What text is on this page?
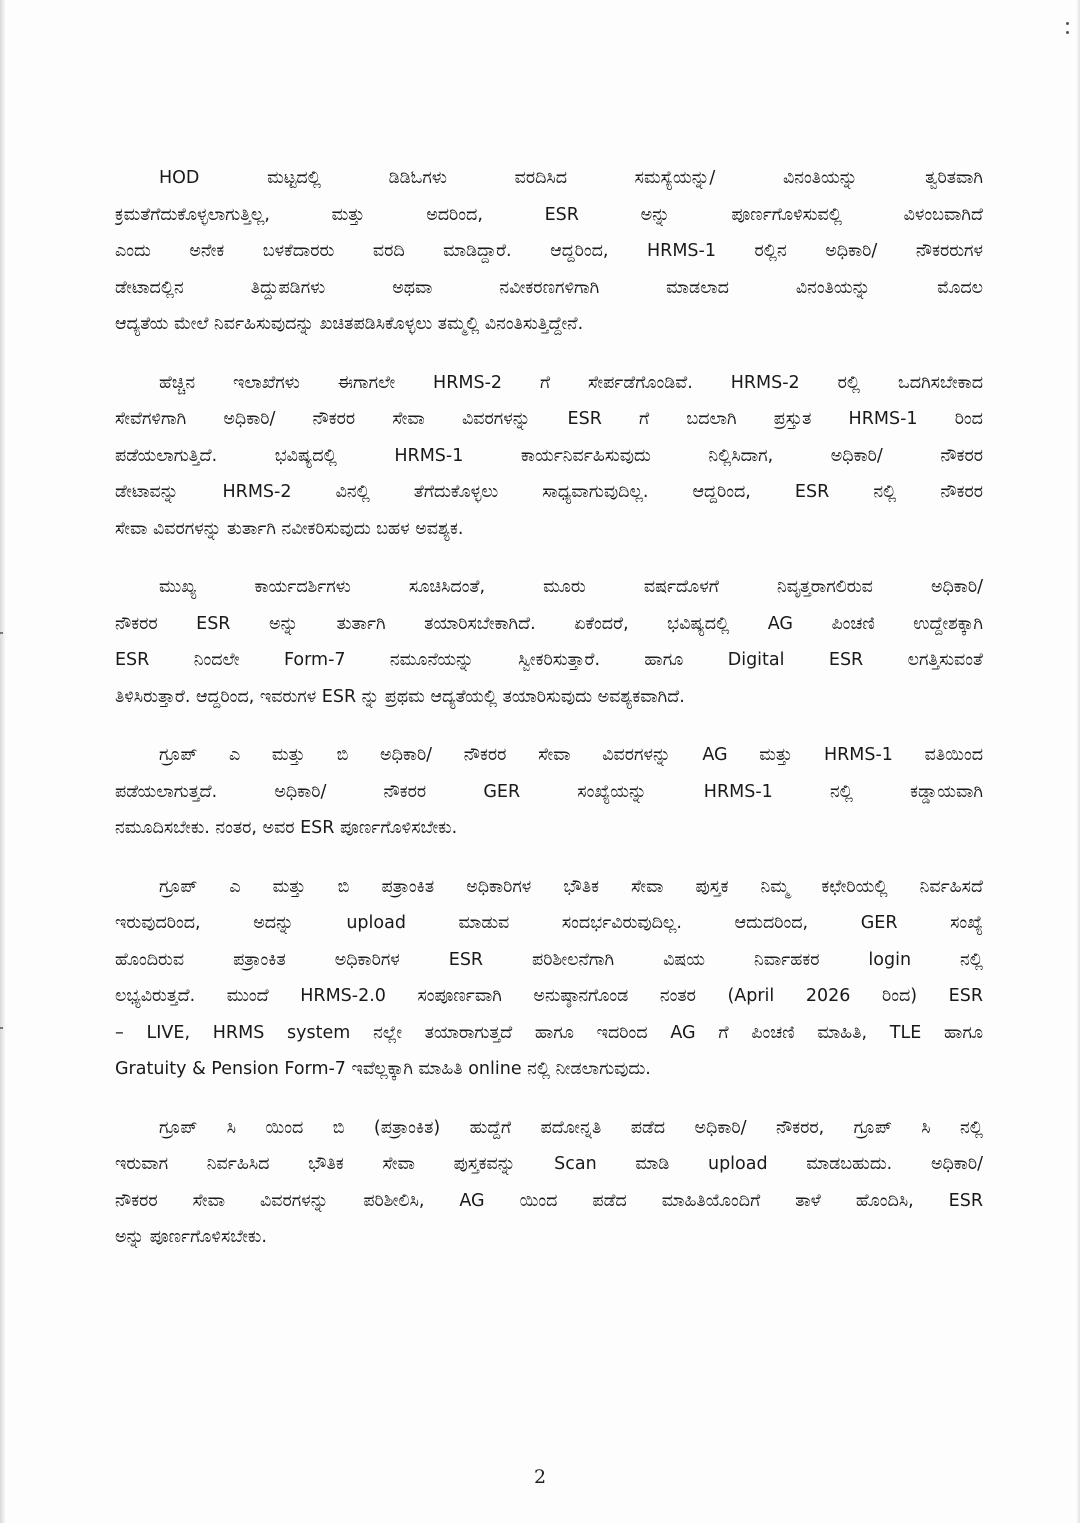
HOD ಮಟ್ಟದಲ್ಲಿ ಡಿಡಿಓಗಳು ವರದಿಸಿದ ಸಮಸ್ಯೆಯನ್ನು/ ವಿನಂತಿಯನ್ನು ತ್ವರಿತವಾಗಿ
ಕ್ರಮತೆಗೆದುಕೊಳ್ಳಲಾಗುತ್ತಿಲ್ಲ, ಮತ್ತು ಅದರಿಂದ, ESR ಅನ್ನು ಪೂರ್ಣಗೊಳಿಸುವಲ್ಲಿ ವಿಳಂಬವಾಗಿದೆ
ಎಂದು ಅನೇಕ ಬಳಕೆದಾರರು ವರದಿ ಮಾಡಿದ್ದಾರೆ. ಆದ್ದರಿಂದ, HRMS-1 ರಲ್ಲಿನ ಅಧಿಕಾರಿ/ ನೌಕರರುಗಳ
ಡೇಟಾದಲ್ಲಿನ ತಿದ್ದುಪಡಿಗಳು ಅಥವಾ ನವೀಕರಣಗಳಿಗಾಗಿ ಮಾಡಲಾದ ವಿನಂತಿಯನ್ನು ಮೊದಲ
ಆದ್ಯತೆಯ ಮೇಲೆ ನಿರ್ವಹಿಸುವುದನ್ನು ಖಚಿತಪಡಿಸಿಕೊಳ್ಳಲು ತಮ್ಮಲ್ಲಿ ವಿನಂತಿಸುತ್ತಿದ್ದೇನೆ.
ಹೆಚ್ಚಿನ ಇಲಾಖೆಗಳು ಈಗಾಗಲೇ HRMS-2 ಗೆ ಸೇರ್ಪಡೆಗೊಂಡಿವೆ. HRMS-2 ರಲ್ಲಿ ಒದಗಿಸಬೇಕಾದ
ಸೇವೆಗಳಿಗಾಗಿ ಅಧಿಕಾರಿ/ ನೌಕರರ ಸೇವಾ ವಿವರಗಳನ್ನು ESR ಗೆ ಬದಲಾಗಿ ಪ್ರಸ್ತುತ HRMS-1 ರಿಂದ
ಪಡೆಯಲಾಗುತ್ತಿದೆ. ಭವಿಷ್ಯದಲ್ಲಿ HRMS-1 ಕಾರ್ಯನಿರ್ವಹಿಸುವುದು ನಿಲ್ಲಿಸಿದಾಗ, ಅಧಿಕಾರಿ/ ನೌಕರರ
ಡೇಟಾವನ್ನು HRMS-2 ವಿನಲ್ಲಿ ತೆಗೆದುಕೊಳ್ಳಲು ಸಾಧ್ಯವಾಗುವುದಿಲ್ಲ. ಆದ್ದರಿಂದ, ESR ನಲ್ಲಿ ನೌಕರರ
ಸೇವಾ ವಿವರಗಳನ್ನು ತುರ್ತಾಗಿ ನವೀಕರಿಸುವುದು ಬಹಳ ಅವಶ್ಯಕ.
ಮುಖ್ಯ ಕಾರ್ಯದರ್ಶಿಗಳು ಸೂಚಿಸಿದಂತೆ, ಮೂರು ವರ್ಷದೊಳಗೆ ನಿವೃತ್ತರಾಗಲಿರುವ ಅಧಿಕಾರಿ/
ನೌಕರರ ESR ಅನ್ನು ತುರ್ತಾಗಿ ತಯಾರಿಸಬೇಕಾಗಿದೆ. ಏಕೆಂದರೆ, ಭವಿಷ್ಯದಲ್ಲಿ AG ಪಿಂಚಣಿ ಉದ್ದೇಶಕ್ಕಾಗಿ
ESR ನಿಂದಲೇ Form-7 ನಮೂನೆಯನ್ನು ಸ್ವೀಕರಿಸುತ್ತಾರೆ. ಹಾಗೂ Digital ESR ಲಗತ್ತಿಸುವಂತೆ
ತಿಳಿಸಿರುತ್ತಾರೆ. ಆದ್ದರಿಂದ, ಇವರುಗಳ ESR ನ್ನು ಪ್ರಥಮ ಆದ್ಯತೆಯಲ್ಲಿ ತಯಾರಿಸುವುದು ಅವಶ್ಯಕವಾಗಿದೆ.
ಗ್ರೂಪ್ ಎ ಮತ್ತು ಬಿ ಅಧಿಕಾರಿ/ ನೌಕರರ ಸೇವಾ ವಿವರಗಳನ್ನು AG ಮತ್ತು HRMS-1 ವತಿಯಿಂದ
ಪಡೆಯಲಾಗುತ್ತದೆ. ಅಧಿಕಾರಿ/ ನೌಕರರ GER ಸಂಖ್ಯೆಯನ್ನು HRMS-1 ನಲ್ಲಿ ಕಡ್ಡಾಯವಾಗಿ
ನಮೂದಿಸಬೇಕು. ನಂತರ, ಅವರ ESR ಪೂರ್ಣಗೊಳಿಸಬೇಕು.
ಗ್ರೂಪ್ ಎ ಮತ್ತು ಬಿ ಪತ್ರಾಂಕಿತ ಅಧಿಕಾರಿಗಳ ಭೌತಿಕ ಸೇವಾ ಪುಸ್ತಕ ನಿಮ್ಮ ಕಛೇರಿಯಲ್ಲಿ ನಿರ್ವಹಿಸದೆ
ಇರುವುದರಿಂದ, ಅದನ್ನು upload ಮಾಡುವ ಸಂದರ್ಭವಿರುವುದಿಲ್ಲ. ಆದುದರಿಂದ, GER ಸಂಖ್ಯೆ
ಹೊಂದಿರುವ ಪತ್ರಾಂಕಿತ ಅಧಿಕಾರಿಗಳ ESR ಪರಿಶೀಲನೆಗಾಗಿ ವಿಷಯ ನಿರ್ವಾಹಕರ login ನಲ್ಲಿ
ಲಭ್ಯವಿರುತ್ತದೆ. ಮುಂದೆ HRMS-2.0 ಸಂಪೂರ್ಣವಾಗಿ ಅನುಷ್ಠಾನಗೊಂಡ ನಂತರ (April 2026 ರಿಂದ) ESR
– LIVE, HRMS system ನಲ್ಲೇ ತಯಾರಾಗುತ್ತದೆ ಹಾಗೂ ಇದರಿಂದ AG ಗೆ ಪಿಂಚಣಿ ಮಾಹಿತಿ, TLE ಹಾಗೂ
Gratuity & Pension Form-7 ಇವೆಲ್ಲಕ್ಕಾಗಿ ಮಾಹಿತಿ online ನಲ್ಲಿ ನೀಡಲಾಗುವುದು.
ಗ್ರೂಪ್ ಸಿ ಯಿಂದ ಬಿ (ಪತ್ರಾಂಕಿತ) ಹುದ್ದೆಗೆ ಪದೋನ್ನತಿ ಪಡೆದ ಅಧಿಕಾರಿ/ ನೌಕರರ, ಗ್ರೂಪ್ ಸಿ ನಲ್ಲಿ
ಇರುವಾಗ ನಿರ್ವಹಿಸಿದ ಭೌತಿಕ ಸೇವಾ ಪುಸ್ತಕವನ್ನು Scan ಮಾಡಿ upload ಮಾಡಬಹುದು. ಅಧಿಕಾರಿ/
ನೌಕರರ ಸೇವಾ ವಿವರಗಳನ್ನು ಪರಿಶೀಲಿಸಿ, AG ಯಿಂದ ಪಡೆದ ಮಾಹಿತಿಯೊಂದಿಗೆ ತಾಳೆ ಹೊಂದಿಸಿ, ESR
ಅನ್ನು ಪೂರ್ಣಗೊಳಿಸಬೇಕು.
2
